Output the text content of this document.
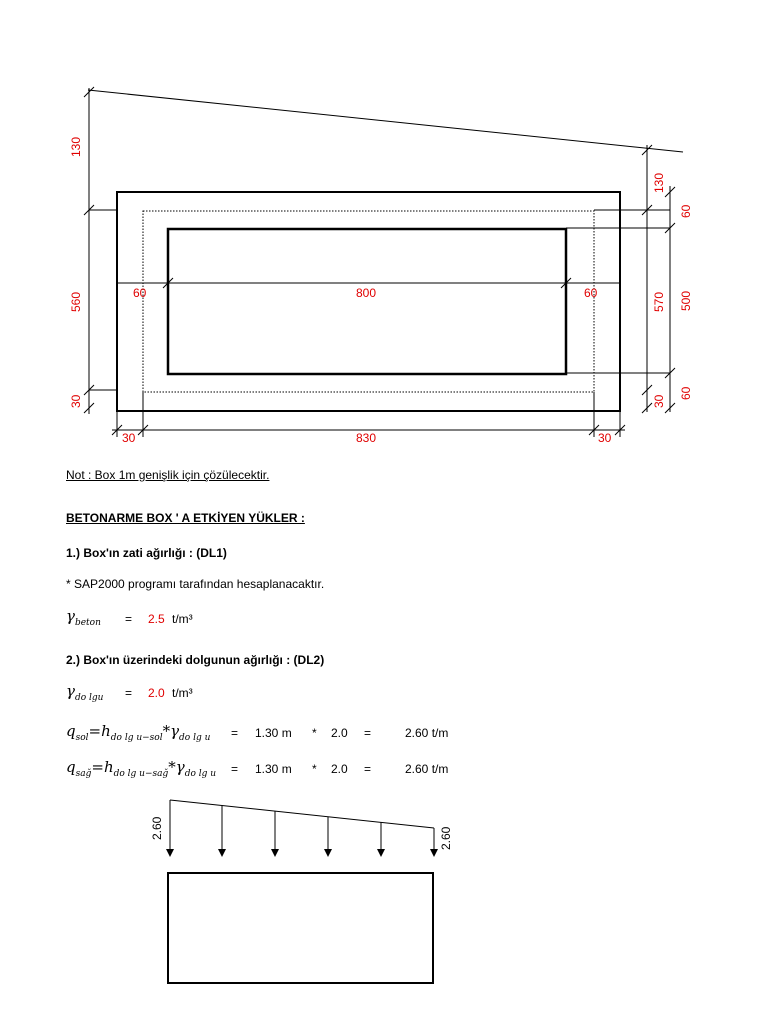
130
560
30
60	800	60
130
570
30
60
500
60
30	830	30
2.60	2.60
Not : Box 1m genişlik için çözülecektir.
BETONARME BOX ' A ETKİYEN YÜKLER :
1.) Box'ın zati ağırlığı : (DL1)
* SAP2000 programı tarafından hesaplanacaktır.
$\gamma_{beton} = 2.5$ t/m³
2.) Box'ın üzerindeki dolgunun ağırlığı : (DL2)
$\gamma_{do lgu} = 2.0$ t/m³
$q_{sol}=h_{do lg u-sol}*\gamma_{do lg u} = 1.30$ m * 2.0 =	2.60 t/m
$q_{sağ}=h_{do lg u-sağ}*\gamma_{do lg u} = 1.30$ m * 2.0 =	2.60 t/m
